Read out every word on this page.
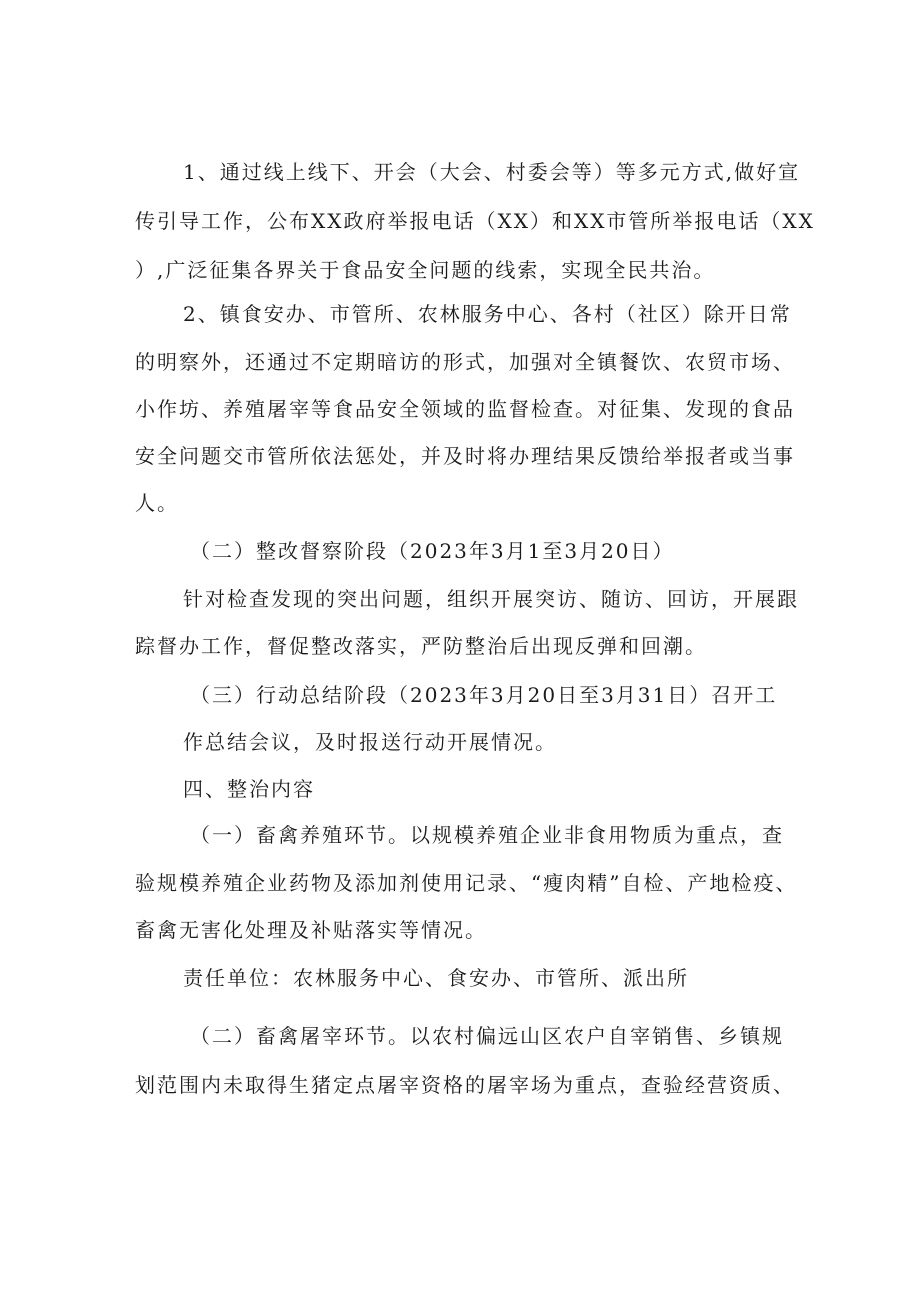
1、通过线上线下、开会（大会、村委会等）等多元方式,做好宣
传引导工作，公布XX政府举报电话（XX）和XX市管所举报电话（XX
）,广泛征集各界关于食品安全问题的线索，实现全民共治。
2、镇食安办、市管所、农林服务中心、各村（社区）除开日常
的明察外，还通过不定期暗访的形式，加强对全镇餐饮、农贸市场、
小作坊、养殖屠宰等食品安全领域的监督检查。对征集、发现的食品
安全问题交市管所依法惩处，并及时将办理结果反馈给举报者或当事
人。
（二）整改督察阶段（2023年3月1至3月20日）
针对检查发现的突出问题，组织开展突访、随访、回访，开展跟
踪督办工作，督促整改落实，严防整治后出现反弹和回潮。
（三）行动总结阶段（2023年3月20日至3月31日）召开工
作总结会议，及时报送行动开展情况。
四、整治内容
（一）畜禽养殖环节。以规模养殖企业非食用物质为重点，查
验规模养殖企业药物及添加剂使用记录、“瘦肉精”自检、产地检疫、
畜禽无害化处理及补贴落实等情况。
责任单位：农林服务中心、食安办、市管所、派出所
（二）畜禽屠宰环节。以农村偏远山区农户自宰销售、乡镇规
划范围内未取得生猪定点屠宰资格的屠宰场为重点，查验经营资质、
